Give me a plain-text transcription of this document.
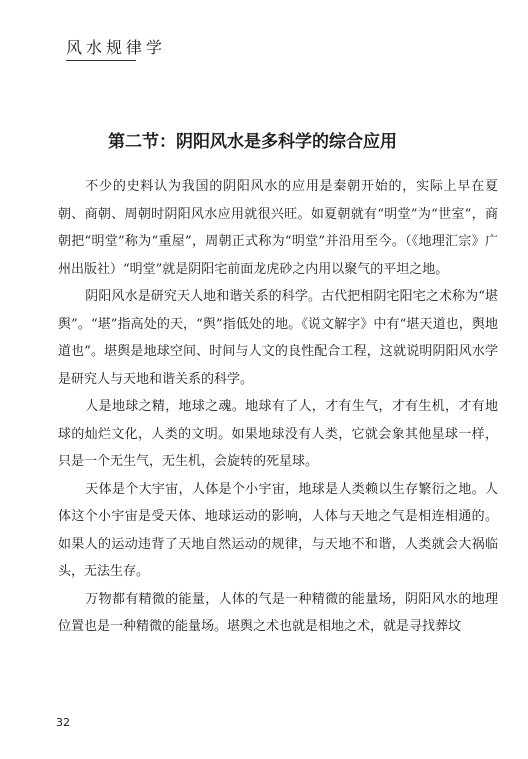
风水规律学
第二节：阴阳风水是多科学的综合应用

不少的史料认为我国的阴阳风水的应用是秦朝开始的，实际上早在夏朝、商朝、周朝时阴阳风水应用就很兴旺。如夏朝就有“明堂”为“世室”，商朝把“明堂”称为“重屋”，周朝正式称为“明堂”并沿用至今。（《地理汇宗》广州出版社）“明堂”就是阴阳宅前面龙虎砂之内用以聚气的平坦之地。

阴阳风水是研究天人地和谐关系的科学。古代把相阴宅阳宅之术称为“堪舆”。“堪”指高处的天，“舆”指低处的地。《说文解字》中有“堪天道也，舆地道也”。堪舆是地球空间、时间与人文的良性配合工程，这就说明阴阳风水学是研究人与天地和谐关系的科学。

人是地球之精，地球之魂。地球有了人，才有生气，才有生机，才有地球的灿烂文化，人类的文明。如果地球没有人类，它就会象其他星球一样，只是一个无生气，无生机，会旋转的死星球。

天体是个大宇宙，人体是个小宇宙，地球是人类赖以生存繁衍之地。人体这个小宇宙是受天体、地球运动的影响，人体与天地之气是相连相通的。如果人的运动违背了天地自然运动的规律，与天地不和谐，人类就会大祸临头，无法生存。

万物都有精微的能量，人体的气是一种精微的能量场，阴阳风水的地理位置也是一种精微的能量场。堪舆之术也就是相地之术，就是寻找葬坟

32
